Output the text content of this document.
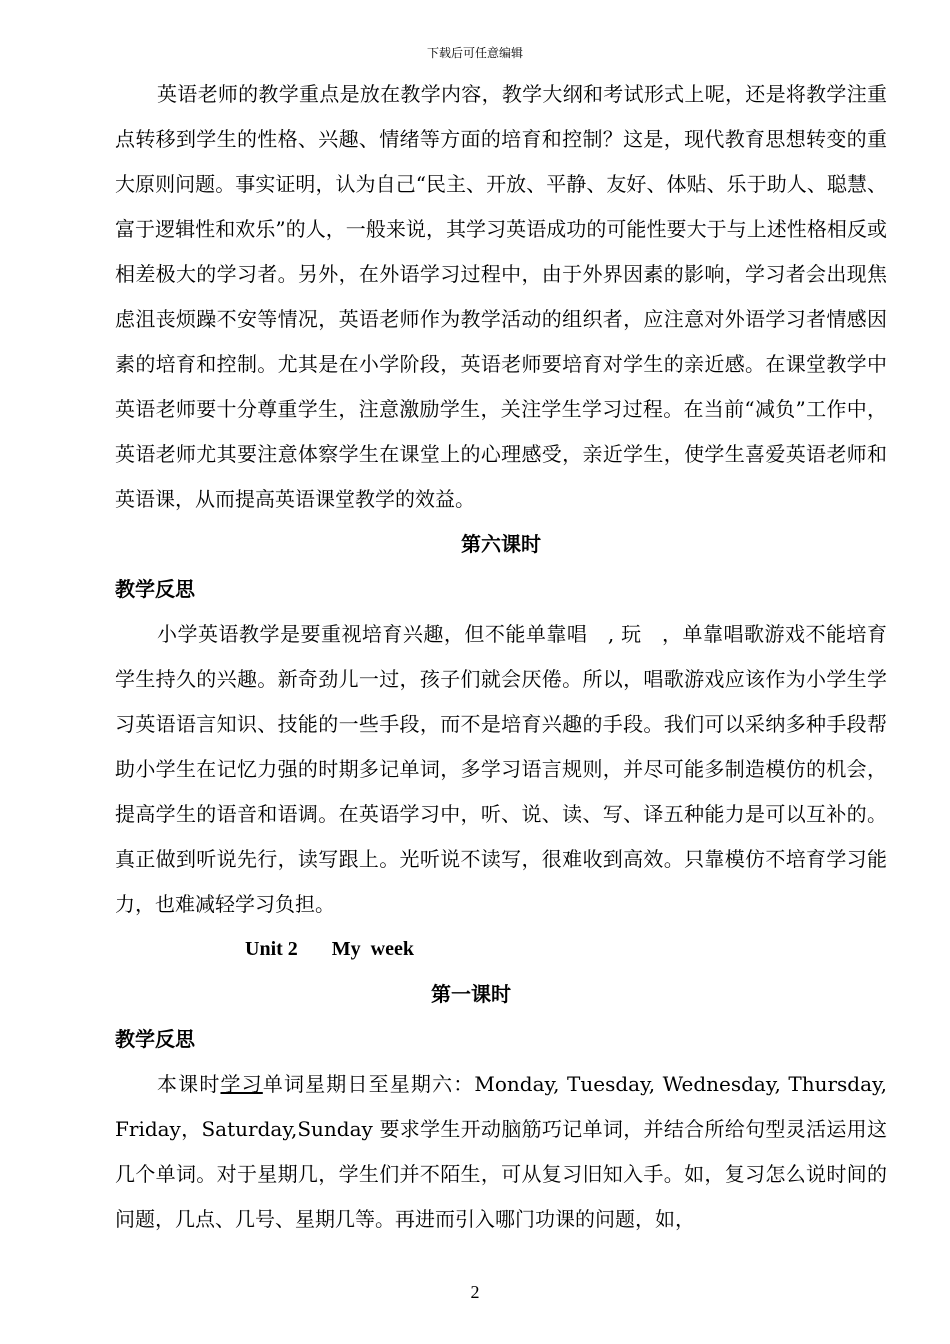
下载后可任意编辑

英语老师的教学重点是放在教学内容，教学大纲和考试形式上呢，还是将教学注重点转移到学生的性格、兴趣、情绪等方面的培育和控制？这是，现代教育思想转变的重大原则问题。事实证明，认为自己“民主、开放、平静、友好、体贴、乐于助人、聪慧、富于逻辑性和欢乐”的人，一般来说，其学习英语成功的可能性要大于与上述性格相反或相差极大的学习者。另外，在外语学习过程中，由于外界因素的影响，学习者会出现焦虑沮丧烦躁不安等情况，英语老师作为教学活动的组织者，应注意对外语学习者情感因素的培育和控制。尤其是在小学阶段，英语老师要培育对学生的亲近感。在课堂教学中英语老师要十分尊重学生，注意激励学生，关注学生学习过程。在当前“减负”工作中，英语老师尤其要注意体察学生在课堂上的心理感受，亲近学生，使学生喜爱英语老师和英语课，从而提高英语课堂教学的效益。

第六课时

教学反思

小学英语教学是要重视培育兴趣，但不能单靠唱　, 玩　，单靠唱歌游戏不能培育学生持久的兴趣。新奇劲儿一过，孩子们就会厌倦。所以，唱歌游戏应该作为小学生学习英语语言知识、技能的一些手段，而不是培育兴趣的手段。我们可以采纳多种手段帮助小学生在记忆力强的时期多记单词，多学习语言规则，并尽可能多制造模仿的机会，提高学生的语音和语调。在英语学习中，听、说、读、写、译五种能力是可以互补的。真正做到听说先行，读写跟上。光听说不读写，很难收到高效。只靠模仿不培育学习能力，也难减轻学习负担。

Unit 2 My  week

第一课时

教学反思

本课时学习单词星期日至星期六：Monday, Tuesday, Wednesday, Thursday, Friday，Saturday,Sunday 要求学生开动脑筋巧记单词，并结合所给句型灵活运用这几个单词。对于星期几，学生们并不陌生，可从复习旧知入手。如，复习怎么说时间的问题，几点、几号、星期几等。再进而引入哪门功课的问题，如，

2
